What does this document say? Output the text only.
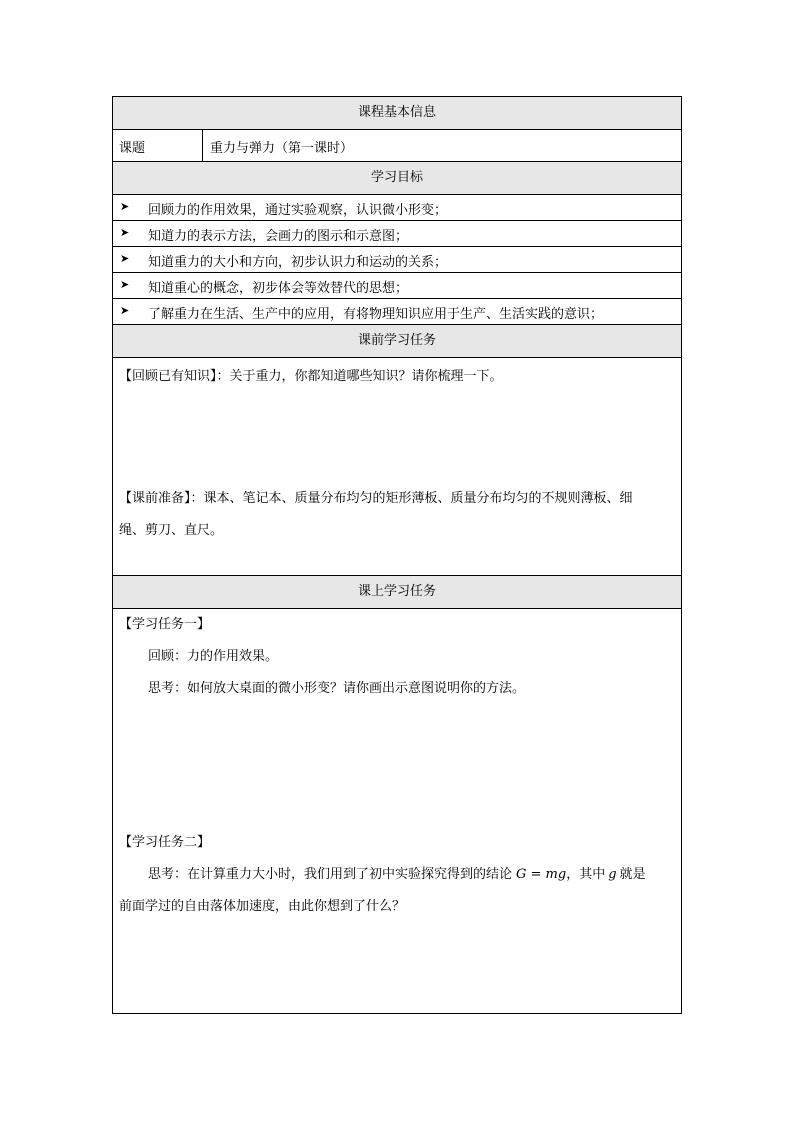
课程基本信息
课题	重力与弹力（第一课时）
学习目标
➤ 回顾力的作用效果，通过实验观察，认识微小形变；
➤ 知道力的表示方法，会画力的图示和示意图；
➤ 知道重力的大小和方向，初步认识力和运动的关系；
➤ 知道重心的概念，初步体会等效替代的思想；
➤ 了解重力在生活、生产中的应用，有将物理知识应用于生产、生活实践的意识；
课前学习任务
【回顾已有知识】：关于重力，你都知道哪些知识？请你梳理一下。
【课前准备】：课本、笔记本、质量分布均匀的矩形薄板、质量分布均匀的不规则薄板、细
绳、剪刀、直尺。
课上学习任务
【学习任务一】
回顾：力的作用效果。
思考：如何放大桌面的微小形变？请你画出示意图说明你的方法。
【学习任务二】
思考：在计算重力大小时，我们用到了初中实验探究得到的结论 G = mg，其中 g 就是
前面学过的自由落体加速度，由此你想到了什么？
